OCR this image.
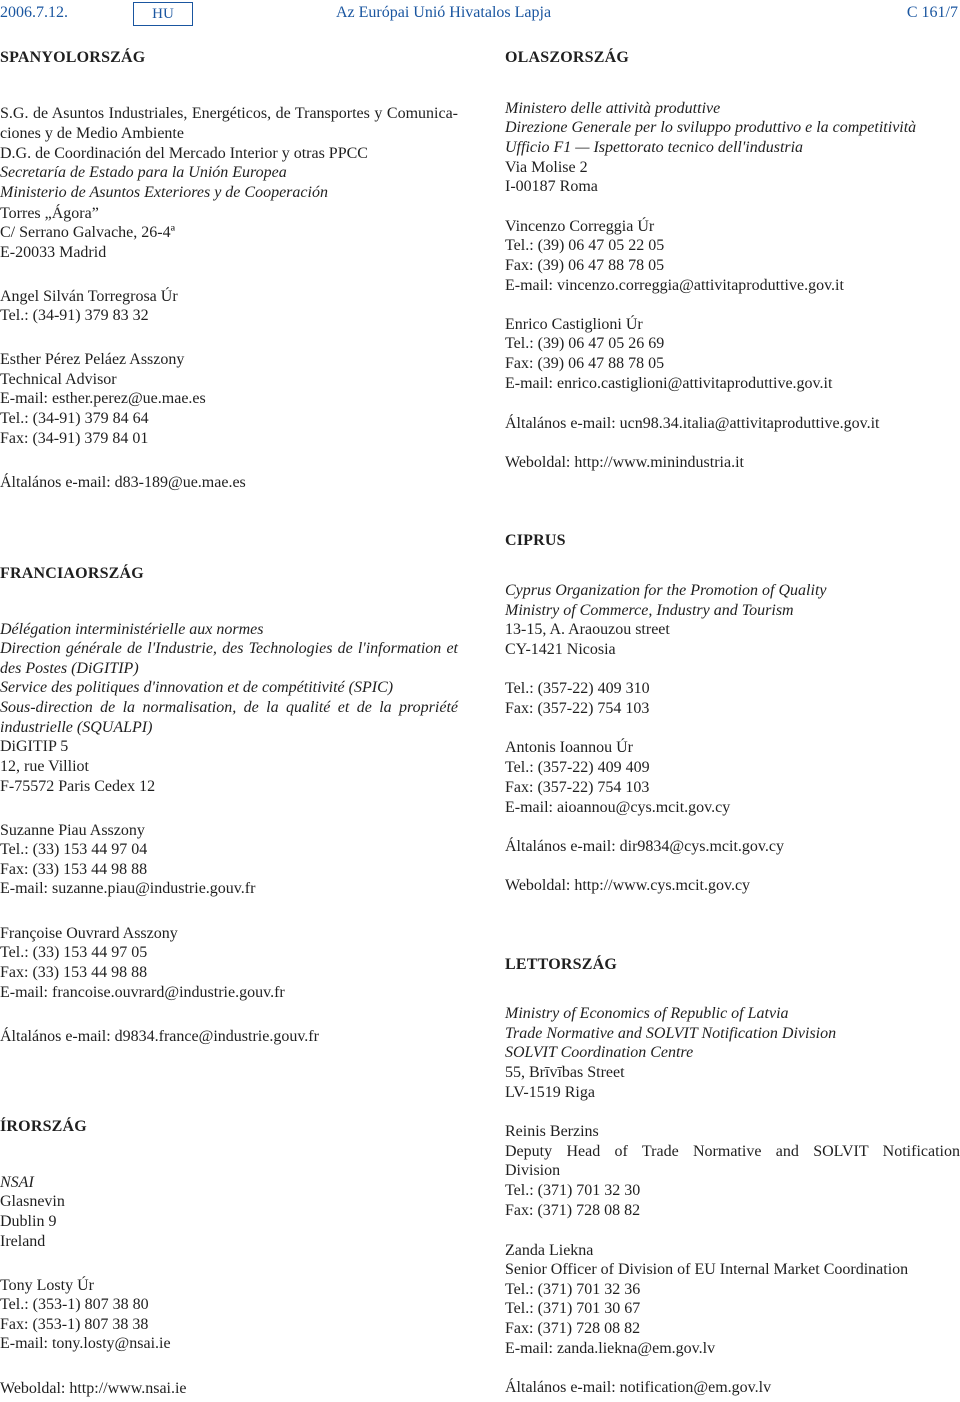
2006.7.12.	HU	Az Európai Unió Hivatalos Lapja	C 161/7
SPANYOLORSZÁG
S.G. de Asuntos Industriales, Energéticos, de Transportes y Comunica-
ciones y de Medio Ambiente
D.G. de Coordinación del Mercado Interior y otras PPCC
Secretaría de Estado para la Unión Europea
Ministerio de Asuntos Exteriores y de Cooperación
Torres „Ágora”
C/ Serrano Galvache, 26-4ª
E-20033 Madrid
Angel Silván Torregrosa Úr
Tel.: (34-91) 379 83 32
Esther Pérez Peláez Asszony
Technical Advisor
E-mail: esther.perez@ue.mae.es
Tel.: (34-91) 379 84 64
Fax: (34-91) 379 84 01
Általános e-mail: d83-189@ue.mae.es
FRANCIAORSZÁG
Délégation interministérielle aux normes
Direction générale de l'Industrie, des Technologies de l'information et
des Postes (DiGITIP)
Service des politiques d'innovation et de compétitivité (SPIC)
Sous-direction de la normalisation, de la qualité et de la propriété
industrielle (SQUALPI)
DiGITIP 5
12, rue Villiot
F-75572 Paris Cedex 12
Suzanne Piau Asszony
Tel.: (33) 153 44 97 04
Fax: (33) 153 44 98 88
E-mail: suzanne.piau@industrie.gouv.fr
Françoise Ouvrard Asszony
Tel.: (33) 153 44 97 05
Fax: (33) 153 44 98 88
E-mail: francoise.ouvrard@industrie.gouv.fr
Általános e-mail: d9834.france@industrie.gouv.fr
ÍRORSZÁG
NSAI
Glasnevin
Dublin 9
Ireland
Tony Losty Úr
Tel.: (353-1) 807 38 80
Fax: (353-1) 807 38 38
E-mail: tony.losty@nsai.ie
Weboldal: http://www.nsai.ie
OLASZORSZÁG
Ministero delle attività produttive
Direzione Generale per lo sviluppo produttivo e la competitività
Ufficio F1 — Ispettorato tecnico dell'industria
Via Molise 2
I-00187 Roma
Vincenzo Correggia Úr
Tel.: (39) 06 47 05 22 05
Fax: (39) 06 47 88 78 05
E-mail: vincenzo.correggia@attivitaproduttive.gov.it
Enrico Castiglioni Úr
Tel.: (39) 06 47 05 26 69
Fax: (39) 06 47 88 78 05
E-mail: enrico.castiglioni@attivitaproduttive.gov.it
Általános e-mail: ucn98.34.italia@attivitaproduttive.gov.it
Weboldal: http://www.minindustria.it
CIPRUS
Cyprus Organization for the Promotion of Quality
Ministry of Commerce, Industry and Tourism
13-15, A. Araouzou street
CY-1421 Nicosia
Tel.: (357-22) 409 310
Fax: (357-22) 754 103
Antonis Ioannou Úr
Tel.: (357-22) 409 409
Fax: (357-22) 754 103
E-mail: aioannou@cys.mcit.gov.cy
Általános e-mail: dir9834@cys.mcit.gov.cy
Weboldal: http://www.cys.mcit.gov.cy
LETTORSZÁG
Ministry of Economics of Republic of Latvia
Trade Normative and SOLVIT Notification Division
SOLVIT Coordination Centre
55, Brīvības Street
LV-1519 Riga
Reinis Berzins
Deputy Head of Trade Normative and SOLVIT Notification
Division
Tel.: (371) 701 32 30
Fax: (371) 728 08 82
Zanda Liekna
Senior Officer of Division of EU Internal Market Coordination
Tel.: (371) 701 32 36
Tel.: (371) 701 30 67
Fax: (371) 728 08 82
E-mail: zanda.liekna@em.gov.lv
Általános e-mail: notification@em.gov.lv
